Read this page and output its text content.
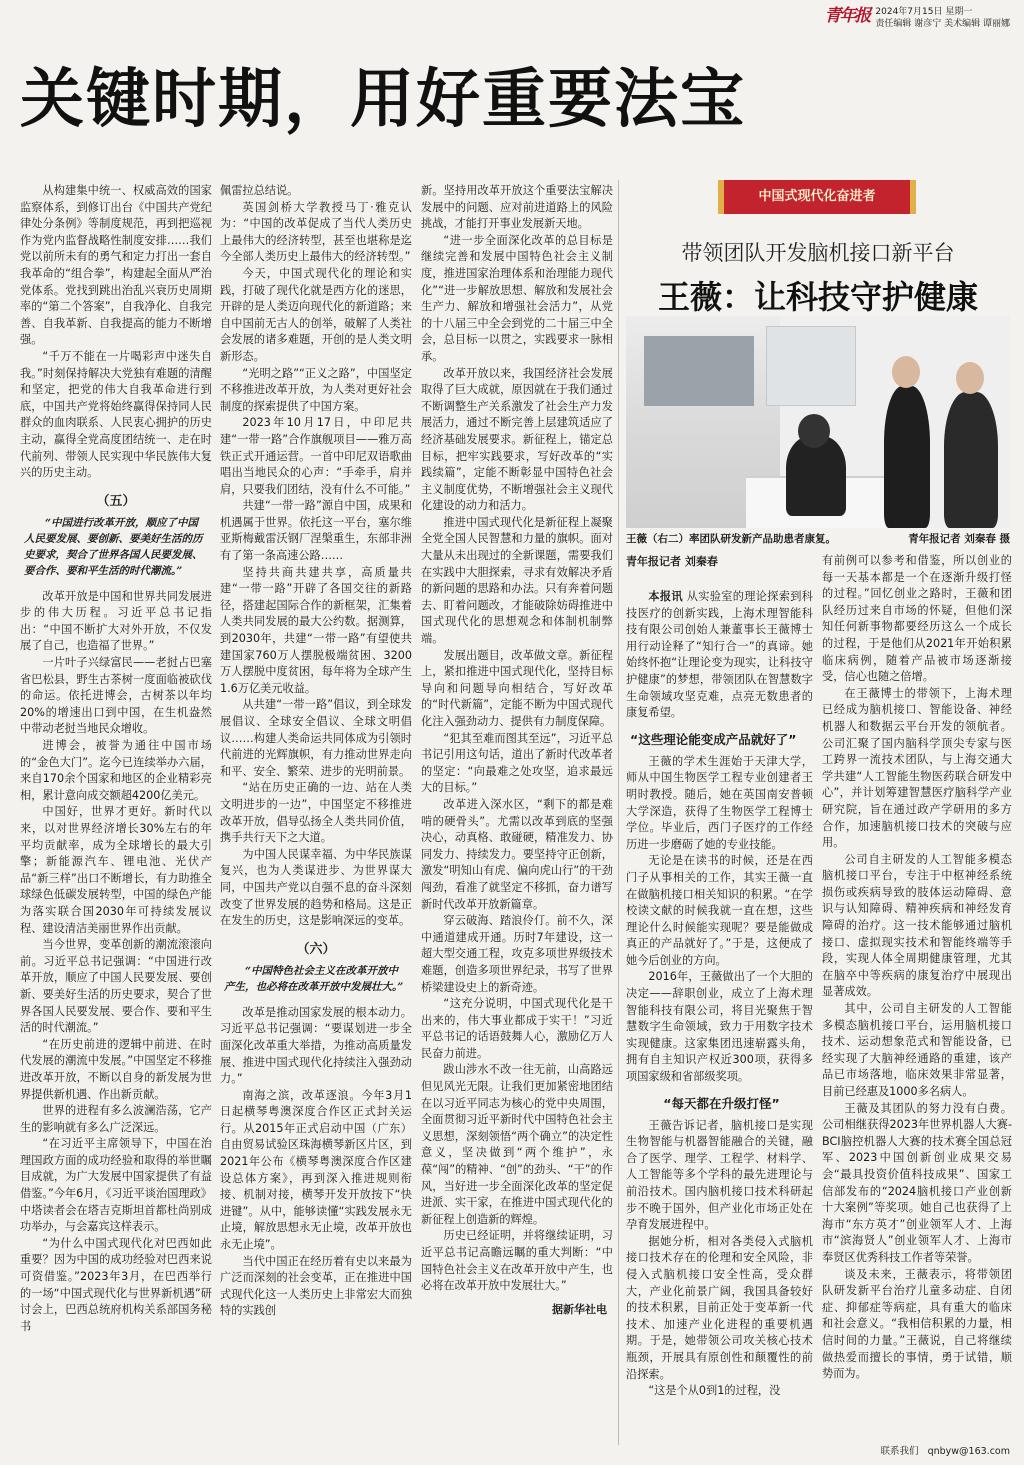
青年报 2024年7月15日 星期一
责任编辑 谢彦宁 美术编辑 谭丽娜
关键时期，用好重要法宝

从构建集中统一、权威高效的国家监察体系，到修订出台《中国共产党纪律处分条例》等制度规范，再到把巡视作为党内监督战略性制度安排……我们党以前所未有的勇气和定力打出一套自我革命的“组合拳”，构建起全面从严治党体系。党找到跳出治乱兴衰历史周期率的“第二个答案”，自我净化、自我完善、自我革新、自我提高的能力不断增强。

“千万不能在一片喝彩声中迷失自我。”时刻保持解决大党独有难题的清醒和坚定，把党的伟大自我革命进行到底，中国共产党将始终赢得保持同人民群众的血肉联系、人民衷心拥护的历史主动，赢得全党高度团结统一、走在时代前列、带领人民实现中华民族伟大复兴的历史主动。

（五）
“中国进行改革开放，顺应了中国人民要发展、要创新、要美好生活的历史要求，契合了世界各国人民要发展、要合作、要和平生活的时代潮流。”

改革开放是中国和世界共同发展进步的伟大历程。习近平总书记指出：“中国不断扩大对外开放，不仅发展了自己，也造福了世界。”

一片叶子兴绿富民——老挝占巴塞省巴松县，野生古茶树一度面临被砍伐的命运。依托进博会，古树茶以年均20%的增速出口到中国，在生机盎然中带动老挝当地民众增收。

进博会，被誉为通往中国市场的“金色大门”。迄今已连续举办六届，来自170余个国家和地区的企业精彩亮相，累计意向成交额超4200亿美元。

中国好，世界才更好。新时代以来，以对世界经济增长30%左右的年平均贡献率，成为全球增长的最大引擎；新能源汽车、锂电池、光伏产品“新三样”出口不断增长，有力助推全球绿色低碳发展转型，中国的绿色产能为落实联合国2030年可持续发展议程、建设清洁美丽世界作出贡献。

当今世界，变革创新的潮流滚滚向前。习近平总书记强调：“中国进行改革开放，顺应了中国人民要发展、要创新、要美好生活的历史要求，契合了世界各国人民要发展、要合作、要和平生活的时代潮流。”

“在历史前进的逻辑中前进、在时代发展的潮流中发展。”中国坚定不移推进改革开放，不断以自身的新发展为世界提供新机遇、作出新贡献。

世界的进程有多么波澜浩荡，它产生的影响就有多么广泛深远。

“在习近平主席领导下，中国在治理国政方面的成功经验和取得的举世瞩目成就，为广大发展中国家提供了有益借鉴。”今年6月，《习近平谈治国理政》中塔读者会在塔吉克斯坦首都杜尚别成功举办，与会嘉宾这样表示。

“为什么中国式现代化对巴西如此重要？因为中国的成功经验对巴西来说可资借鉴。”2023年3月，在巴西举行的一场“中国式现代化与世界新机遇”研讨会上，巴西总统府机构关系部国务秘书

佩雷拉总结说。

英国剑桥大学教授马丁·雅克认为：“中国的改革促成了当代人类历史上最伟大的经济转型，甚至也堪称是迄今全部人类历史上最伟大的经济转型。”

今天，中国式现代化的理论和实践，打破了现代化就是西方化的迷思，开辟的是人类迈向现代化的新道路；来自中国前无古人的创举，破解了人类社会发展的诸多难题，开创的是人类文明新形态。

“光明之路”“正义之路”，中国坚定不移推进改革开放，为人类对更好社会制度的探索提供了中国方案。

2023年10月17日，中印尼共建“一带一路”合作旗舰项目——雅万高铁正式开通运营。一首中印尼双语歌曲唱出当地民众的心声：“手牵手，肩并肩，只要我们团结，没有什么不可能。”

共建“一带一路”源自中国，成果和机遇属于世界。依托这一平台，塞尔维亚斯梅戴雷沃钢厂涅槃重生，东部非洲有了第一条高速公路……

坚持共商共建共享，高质量共建“一带一路”开辟了各国交往的新路径，搭建起国际合作的新框架，汇集着人类共同发展的最大公约数。据测算，到2030年，共建“一带一路”有望使共建国家760万人摆脱极端贫困、3200万人摆脱中度贫困，每年将为全球产生1.6万亿美元收益。

从共建“一带一路”倡议，到全球发展倡议、全球安全倡议、全球文明倡议……构建人类命运共同体成为引领时代前进的光辉旗帜，有力推动世界走向和平、安全、繁荣、进步的光明前景。

“站在历史正确的一边、站在人类文明进步的一边”，中国坚定不移推进改革开放，倡导弘扬全人类共同价值，携手共行天下之大道。

为中国人民谋幸福、为中华民族谋复兴，也为人类谋进步、为世界谋大同，中国共产党以自强不息的奋斗深刻改变了世界发展的趋势和格局。这是正在发生的历史，这是影响深远的变革。

（六）
“中国特色社会主义在改革开放中产生，也必将在改革开放中发展壮大。”

改革是推动国家发展的根本动力。习近平总书记强调：“要谋划进一步全面深化改革重大举措，为推动高质量发展、推进中国式现代化持续注入强劲动力。”

南海之滨，改革逐浪。今年3月1日起横琴粤澳深度合作区正式封关运行。从2015年正式启动中国（广东）自由贸易试验区珠海横琴新区片区，到2021年公布《横琴粤澳深度合作区建设总体方案》，再到深入推进规则衔接、机制对接，横琴开发开放按下“快进键”。从中，能够读懂“实践发展永无止境，解放思想永无止境，改革开放也永无止境”。

当代中国正在经历着有史以来最为广泛而深刻的社会变革，正在推进中国式现代化这一人类历史上非常宏大而独特的实践创

新。坚持用改革开放这个重要法宝解决发展中的问题、应对前进道路上的风险挑战，才能打开事业发展新天地。

“进一步全面深化改革的总目标是继续完善和发展中国特色社会主义制度，推进国家治理体系和治理能力现代化”“进一步解放思想、解放和发展社会生产力、解放和增强社会活力”，从党的十八届三中全会到党的二十届三中全会，总目标一以贯之，实践要求一脉相承。

改革开放以来，我国经济社会发展取得了巨大成就，原因就在于我们通过不断调整生产关系激发了社会生产力发展活力，通过不断完善上层建筑适应了经济基础发展要求。新征程上，锚定总目标，把牢实践要求，写好改革的“实践续篇”，定能不断彰显中国特色社会主义制度优势，不断增强社会主义现代化建设的动力和活力。

推进中国式现代化是新征程上凝聚全党全国人民智慧和力量的旗帜。面对大量从未出现过的全新课题，需要我们在实践中大胆探索，寻求有效解决矛盾的新问题的思路和办法。只有奔着问题去、盯着问题改，才能破除妨碍推进中国式现代化的思想观念和体制机制弊端。

发展出题目，改革做文章。新征程上，紧扣推进中国式现代化，坚持目标导向和问题导向相结合，写好改革的“时代新篇”，定能不断为中国式现代化注入强劲动力、提供有力制度保障。

“犯其至难而图其至远”，习近平总书记引用这句话，道出了新时代改革者的坚定：“向最难之处攻坚，追求最远大的目标。”

改革进入深水区，“剩下的都是难啃的硬骨头”。尤需以改革到底的坚强决心，动真格、敢碰硬，精准发力、协同发力、持续发力。要坚持守正创新，激发“明知山有虎、偏向虎山行”的干劲闯劲，看准了就坚定不移抓，奋力谱写新时代改革开放新篇章。

穿云破海、踏浪伶仃。前不久，深中通道建成开通。历时7年建设，这一超大型交通工程，攻克多项世界级技术难题，创造多项世界纪录，书写了世界桥梁建设史上的新奇迹。

“这充分说明，中国式现代化是干出来的，伟大事业都成于实干！”习近平总书记的话语鼓舞人心，激励亿万人民奋力前进。

跋山涉水不改一往无前，山高路远但见风光无限。让我们更加紧密地团结在以习近平同志为核心的党中央周围，全面贯彻习近平新时代中国特色社会主义思想，深刻领悟“两个确立”的决定性意义，坚决做到“两个维护”，永葆“闯”的精神、“创”的劲头、“干”的作风，当好进一步全面深化改革的坚定促进派、实干家，在推进中国式现代化的新征程上创造新的辉煌。

历史已经证明，并将继续证明，习近平总书记高瞻远瞩的重大判断：“中国特色社会主义在改革开放中产生，也必将在改革开放中发展壮大。”

据新华社电
中国式现代化奋进者
带领团队开发脑机接口新平台
王薇：让科技守护健康
王薇（右二）率团队研发新产品助患者康复。	青年报记者 刘秦春 摄
青年报记者 刘秦春

本报讯 从实验室的理论探索到科技医疗的创新实践，上海术理智能科技有限公司创始人兼董事长王薇博士用行动诠释了“知行合一”的真谛。她始终怀抱“让理论变为现实，让科技守护健康”的梦想，带领团队在智慧数字生命领域攻坚克难，点亮无数患者的康复希望。

“这些理论能变成产品就好了”

王薇的学术生涯始于天津大学，师从中国生物医学工程专业创建者王明时教授。随后，她在英国南安普顿大学深造，获得了生物医学工程博士学位。毕业后，西门子医疗的工作经历进一步磨砺了她的专业技能。

无论是在读书的时候，还是在西门子从事相关的工作，其实王薇一直在做脑机接口相关知识的积累。“在学校读文献的时候我就一直在想，这些理论什么时候能实现呢？要是能做成真正的产品就好了。”于是，这便成了她今后创业的方向。

2016年，王薇做出了一个大胆的决定——辞职创业，成立了上海术理智能科技有限公司，将目光聚焦于智慧数字生命领域，致力于用数字技术实现健康。这家集团迅速崭露头角，拥有自主知识产权近300项，获得多项国家级和省部级奖项。

“每天都在升级打怪”

王薇告诉记者，脑机接口是实现生物智能与机器智能融合的关键，融合了医学、理学、工程学、材料学、人工智能等多个学科的最先进理论与前沿技术。国内脑机接口技术科研起步不晚于国外，但产业化市场正处在孕育发展进程中。

据她分析，相对各类侵入式脑机接口技术存在的伦理和安全风险，非侵入式脑机接口安全性高，受众群大，产业化前景广阔，我国具备较好的技术积累，目前正处于变革新一代技术、加速产业化进程的重要机遇期。于是，她带领公司攻关核心技术瓶颈，开展具有原创性和颠覆性的前沿探索。

“这是个从0到1的过程，没

有前例可以参考和借鉴，所以创业的每一天基本都是一个在逐渐升级打怪的过程。”回忆创业之路时，王薇和团队经历过来自市场的怀疑，但他们深知任何新事物都要经历这么一个成长的过程，于是他们从2021年开始积累临床病例，随着产品被市场逐渐接受，信心也随之倍增。

在王薇博士的带领下，上海术理已经成为脑机接口、智能设备、神经机器人和数据云平台开发的领航者。公司汇聚了国内脑科学顶尖专家与医工跨界一流技术团队，与上海交通大学共建“人工智能生物医药联合研发中心”，并计划筹建智慧医疗脑科学产业研究院，旨在通过政产学研用的多方合作，加速脑机接口技术的突破与应用。

公司自主研发的人工智能多模态脑机接口平台，专注于中枢神经系统损伤或疾病导致的肢体运动障碍、意识与认知障碍、精神疾病和神经发育障碍的治疗。这一技术能够通过脑机接口、虚拟现实技术和智能终端等手段，实现人体全周期健康管理，尤其在脑卒中等疾病的康复治疗中展现出显著成效。

其中，公司自主研发的人工智能多模态脑机接口平台，运用脑机接口技术、运动想象范式和智能设备，已经实现了大脑神经通路的重建，该产品已市场落地，临床效果非常显著，目前已经惠及1000多名病人。

王薇及其团队的努力没有白费。公司相继获得2023年世界机器人大赛-BCI脑控机器人大赛的技术赛全国总冠军、2023中国创新创业成果交易会“最具投资价值科技成果”、国家工信部发布的“2024脑机接口产业创新十大案例”等奖项。她自己也获得了上海市“东方英才”创业领军人才、上海市“滨海贤人”创业领军人才、上海市奉贤区优秀科技工作者等荣誉。

谈及未来，王薇表示，将带领团队研发新平台治疗儿童多动症、自闭症、抑郁症等病症，具有重大的临床和社会意义。“我相信积累的力量，相信时间的力量。”王薇说，自己将继续做热爱而擅长的事情，勇于试错，顺势而为。

联系我们 qnbyw@163.com
